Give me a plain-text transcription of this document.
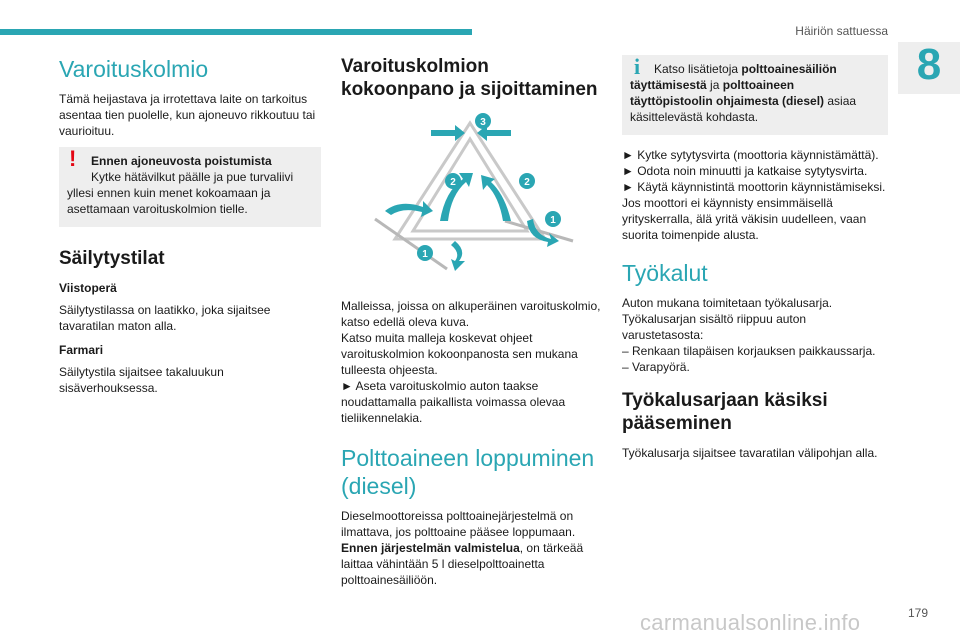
Häiriön sattuessa
8
Varoituskolmio

Tämä heijastava ja irrotettava laite on tarkoitus asentaa tien puolelle, kun ajoneuvo rikkoutuu tai vaurioituu.

!	Ennen ajoneuvosta poistumista
Kytke hätävilkut päälle ja pue turvaliivi yllesi ennen kuin menet kokoamaan ja asettamaan varoituskolmion tielle.
Säilytystilat
Viistoperä

Säilytystilassa on laatikko, joka sijaitsee tavaratilan maton alla.

Farmari

Säilytystila sijaitsee takaluukun sisäverhouksessa.

Varoituskolmion kokoonpano ja sijoittaminen
3
2	2
1
1

Malleissa, joissa on alkuperäinen varoituskolmio, katso edellä oleva kuva.

Katso muita malleja koskevat ohjeet varoituskolmion kokoonpanosta sen mukana tulleesta ohjeesta.

► Aseta varoituskolmio auton taakse noudattamalla paikallista voimassa olevaa tieliikennelakia.

Polttoaineen loppuminen (diesel)

Dieselmoottoreissa polttoainejärjestelmä on ilmattava, jos polttoaine pääsee loppumaan.

Ennen järjestelmän valmistelua, on tärkeää laittaa vähintään 5 l dieselpolttoainetta polttoainesäiliöön.

i	Katso lisätietoja polttoainesäiliön täyttämisestä ja polttoaineen täyttöpistoolin ohjaimesta (diesel) asiaa käsittelevästä kohdasta.
► Kytke sytytysvirta (moottoria käynnistämättä).
► Odota noin minuutti ja katkaise sytytysvirta.
► Käytä käynnistintä moottorin käynnistämiseksi.
Jos moottori ei käynnisty ensimmäisellä yrityskerralla, älä yritä väkisin uudelleen, vaan suorita toimenpide alusta.
Työkalut
Auton mukana toimitetaan työkalusarja.
Työkalusarjan sisältö riippuu auton varustetasosta:
– Renkaan tilapäisen korjauksen paikkaussarja.
– Varapyörä.
Työkalusarjaan käsiksi pääseminen

Työkalusarja sijaitsee tavaratilan välipohjan alla.

179
carmanualsonline.info
